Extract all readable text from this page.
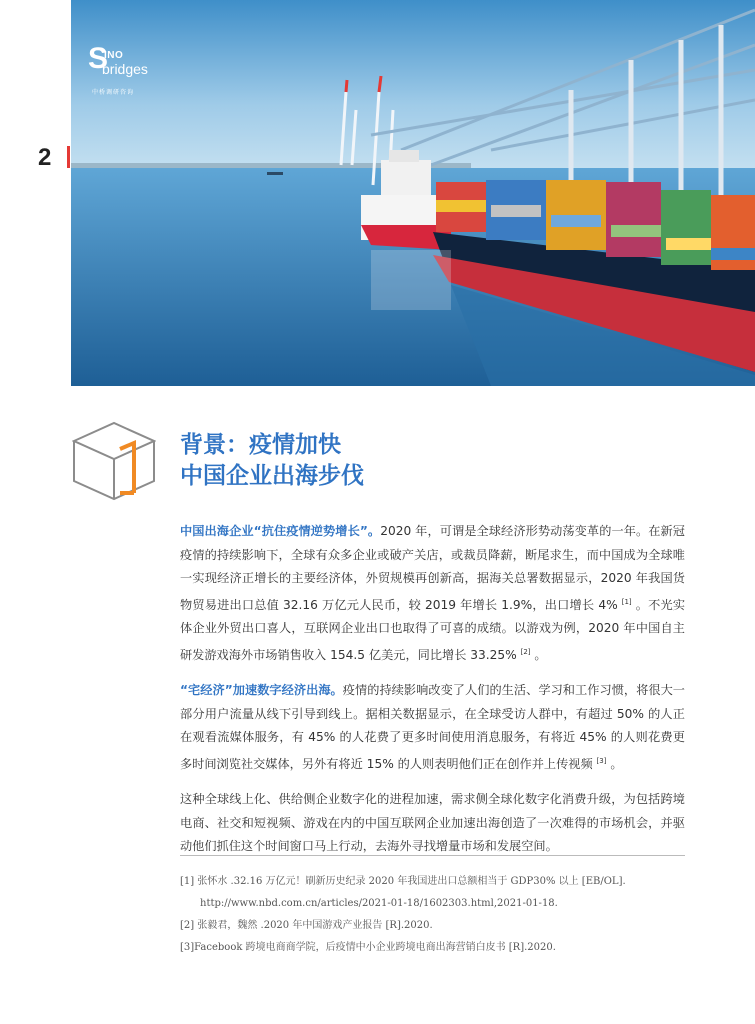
S
INO
bridges
中桥调研咨询
2
背景：疫情加快
中国企业出海步伐

中国出海企业“抗住疫情逆势增长”。2020 年，可谓是全球经济形势动荡变革的一年。在新冠疫情的持续影响下，全球有众多企业或破产关店，或裁员降薪，断尾求生，而中国成为全球唯一实现经济正增长的主要经济体，外贸规模再创新高，据海关总署数据显示，2020 年我国货物贸易进出口总值 32.16 万亿元人民币，较 2019 年增长 1.9%，出口增长 4% [1] 。不光实体企业外贸出口喜人，互联网企业出口也取得了可喜的成绩。以游戏为例，2020 年中国自主研发游戏海外市场销售收入 154.5 亿美元，同比增长 33.25% [2] 。

“宅经济”加速数字经济出海。疫情的持续影响改变了人们的生活、学习和工作习惯，将很大一部分用户流量从线下引导到线上。据相关数据显示，在全球受访人群中，有超过 50% 的人正在观看流媒体服务，有 45% 的人花费了更多时间使用消息服务，有将近 45% 的人则花费更多时间浏览社交媒体，另外有将近 15% 的人则表明他们正在创作并上传视频 [3] 。

这种全球线上化、供给侧企业数字化的进程加速，需求侧全球化数字化消费升级，为包括跨境电商、社交和短视频、游戏在内的中国互联网企业加速出海创造了一次难得的市场机会，并驱动他们抓住这个时间窗口马上行动，去海外寻找增量市场和发展空间。

[1] 张怀水 .32.16 万亿元！刷新历史纪录 2020 年我国进出口总额相当于 GDP30% 以上 [EB/OL].
http://www.nbd.com.cn/articles/2021-01-18/1602303.html,2021-01-18.
[2] 张毅君，魏然 .2020 年中国游戏产业报告 [R].2020.
[3]Facebook 跨境电商商学院，后疫情中小企业跨境电商出海营销白皮书 [R].2020.
